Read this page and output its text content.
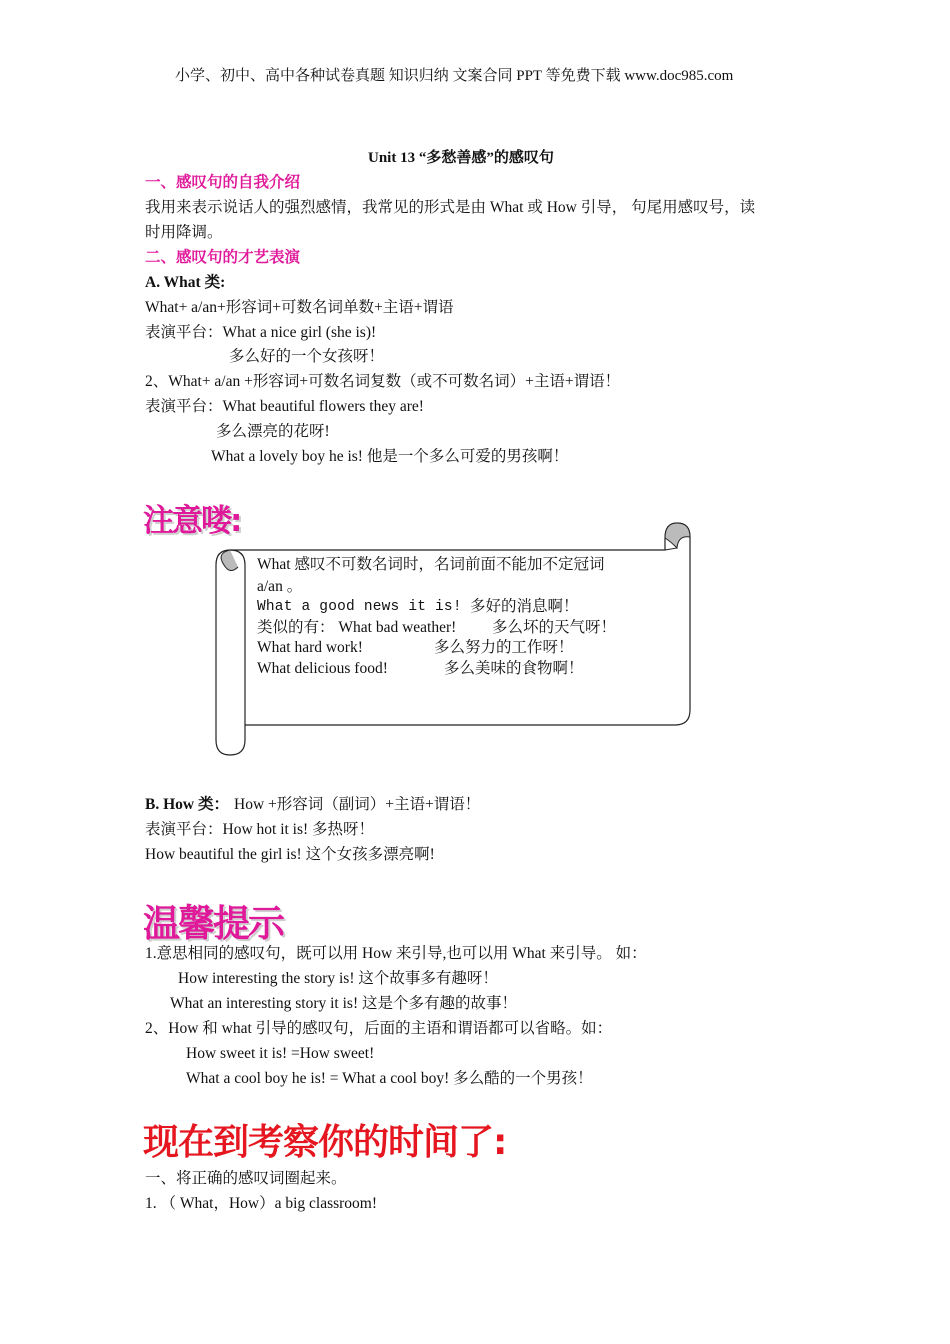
小学、初中、高中各种试卷真题 知识归纳 文案合同 PPT 等免费下载 www.doc985.com
Unit 13 “多愁善感”的感叹句
一、感叹句的自我介绍
我用来表示说话人的强烈感情，我常见的形式是由 What 或 How 引导， 句尾用感叹号，读
时用降调。
二、感叹句的才艺表演
A. What 类:
What+ a/an+形容词+可数名词单数+主语+谓语
表演平台：What a nice girl (she is)!
多么好的一个女孩呀！
2、What+ a/an +形容词+可数名词复数（或不可数名词）+主语+谓语！
表演平台：What beautiful flowers they are!
多么漂亮的花呀!
What a lovely boy he is! 他是一个多么可爱的男孩啊！
注意喽:
What 感叹不可数名词时，名词前面不能加不定冠词
a/an 。
What a good news it is! 多好的消息啊！
类似的有： What bad weather! 多么坏的天气呀！
What hard work!	多么努力的工作呀！
What delicious food!	多么美味的食物啊！
B. How 类： How +形容词（副词）+主语+谓语！
表演平台：How hot it is! 多热呀！
How beautiful the girl is! 这个女孩多漂亮啊!
温馨提示
1.意思相同的感叹句，既可以用 How 来引导,也可以用 What 来引导。 如：
How interesting the story is! 这个故事多有趣呀！
What an interesting story it is! 这是个多有趣的故事！
2、How 和 what 引导的感叹句，后面的主语和谓语都可以省略。如：
How sweet it is! =How sweet!
What a cool boy he is! = What a cool boy! 多么酷的一个男孩！
现在到考察你的时间了:
一、将正确的感叹词圈起来。
1. （ What，How）a big classroom!
